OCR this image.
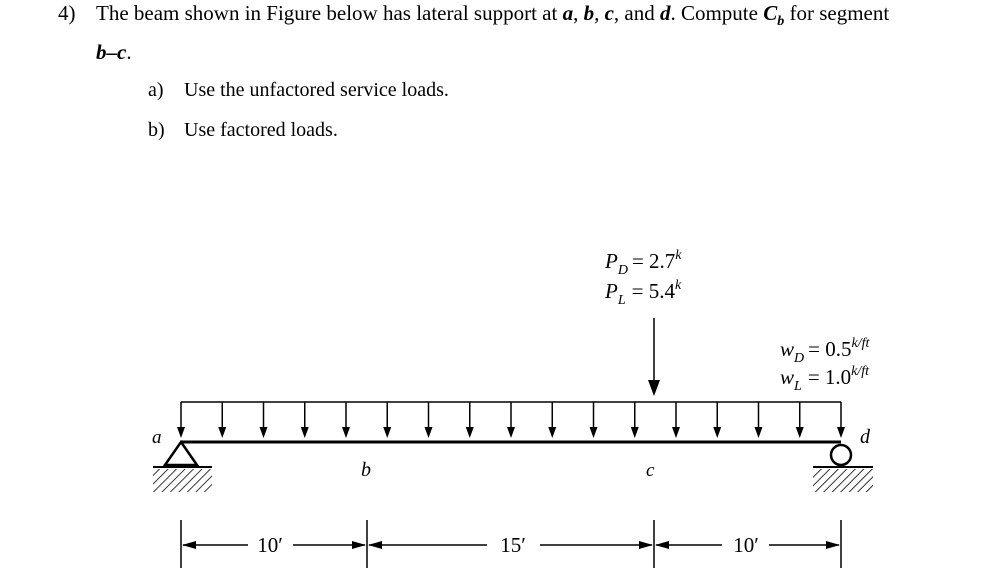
4) The beam shown in Figure below has lateral support at a, b, c, and d. Compute $C_b$ for segment
b–c.
a) Use the unfactored service loads.
b) Use factored loads.
a
b	c
d
$P_D = 2.7^k$
$P_L = 5.4^k$
$w_D = 0.5^{k/ft}$
$w_L = 1.0^{k/ft}$
10′	15′	10′
